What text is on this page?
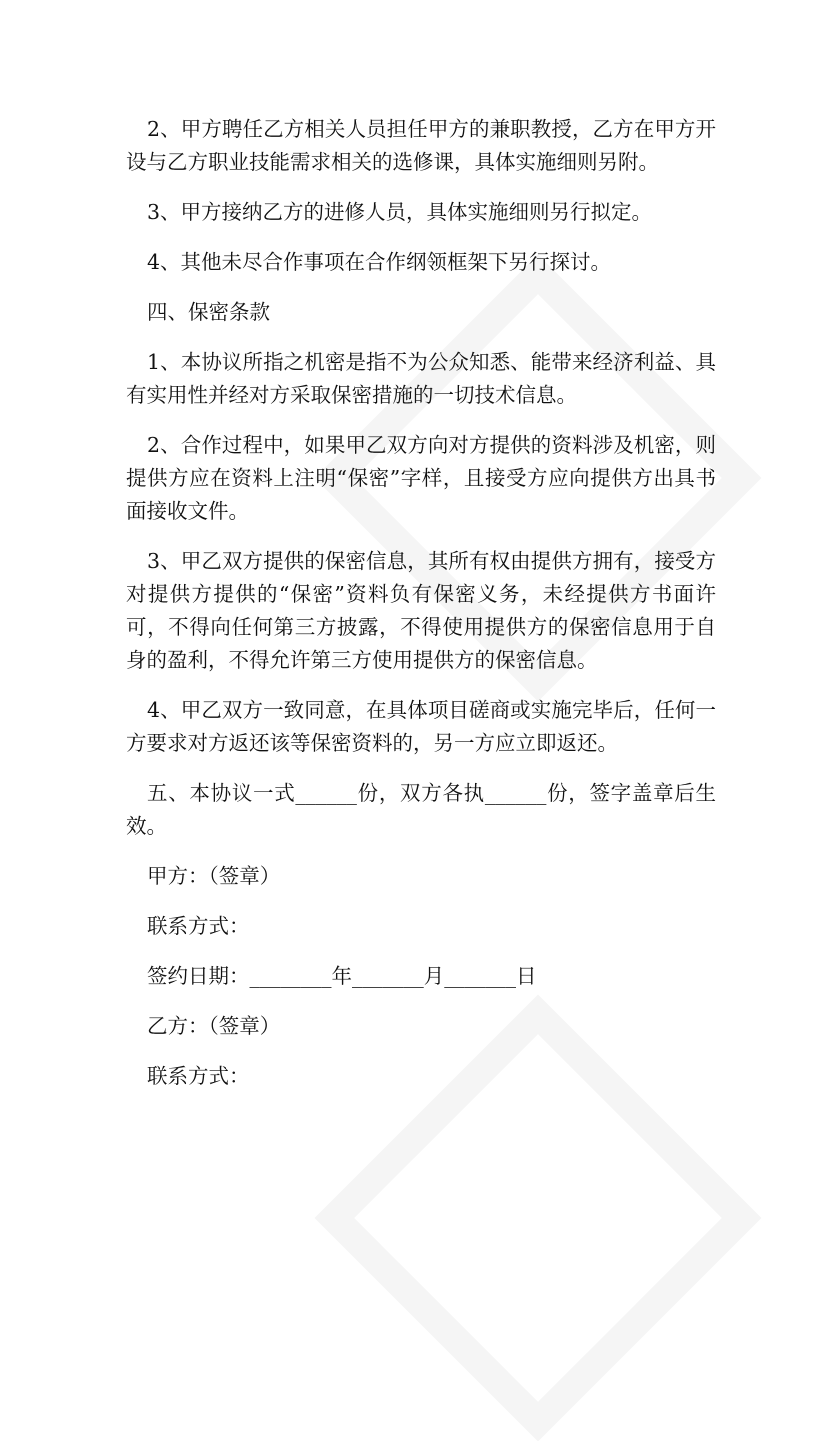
2、甲方聘任乙方相关人员担任甲方的兼职教授，乙方在甲方开设与乙方职业技能需求相关的选修课，具体实施细则另附。

3、甲方接纳乙方的进修人员，具体实施细则另行拟定。

4、其他未尽合作事项在合作纲领框架下另行探讨。

四、保密条款

1、本协议所指之机密是指不为公众知悉、能带来经济利益、具有实用性并经对方采取保密措施的一切技术信息。

2、合作过程中，如果甲乙双方向对方提供的资料涉及机密，则提供方应在资料上注明“保密”字样，且接受方应向提供方出具书面接收文件。

3、甲乙双方提供的保密信息，其所有权由提供方拥有，接受方对提供方提供的“保密”资料负有保密义务，未经提供方书面许可，不得向任何第三方披露，不得使用提供方的保密信息用于自身的盈利，不得允许第三方使用提供方的保密信息。

4、甲乙双方一致同意，在具体项目磋商或实施完毕后，任何一方要求对方返还该等保密资料的，另一方应立即返还。

五、本协议一式______份，双方各执______份，签字盖章后生效。

甲方：（签章）

联系方式：

签约日期：________年_______月_______日

乙方：（签章）

联系方式：
